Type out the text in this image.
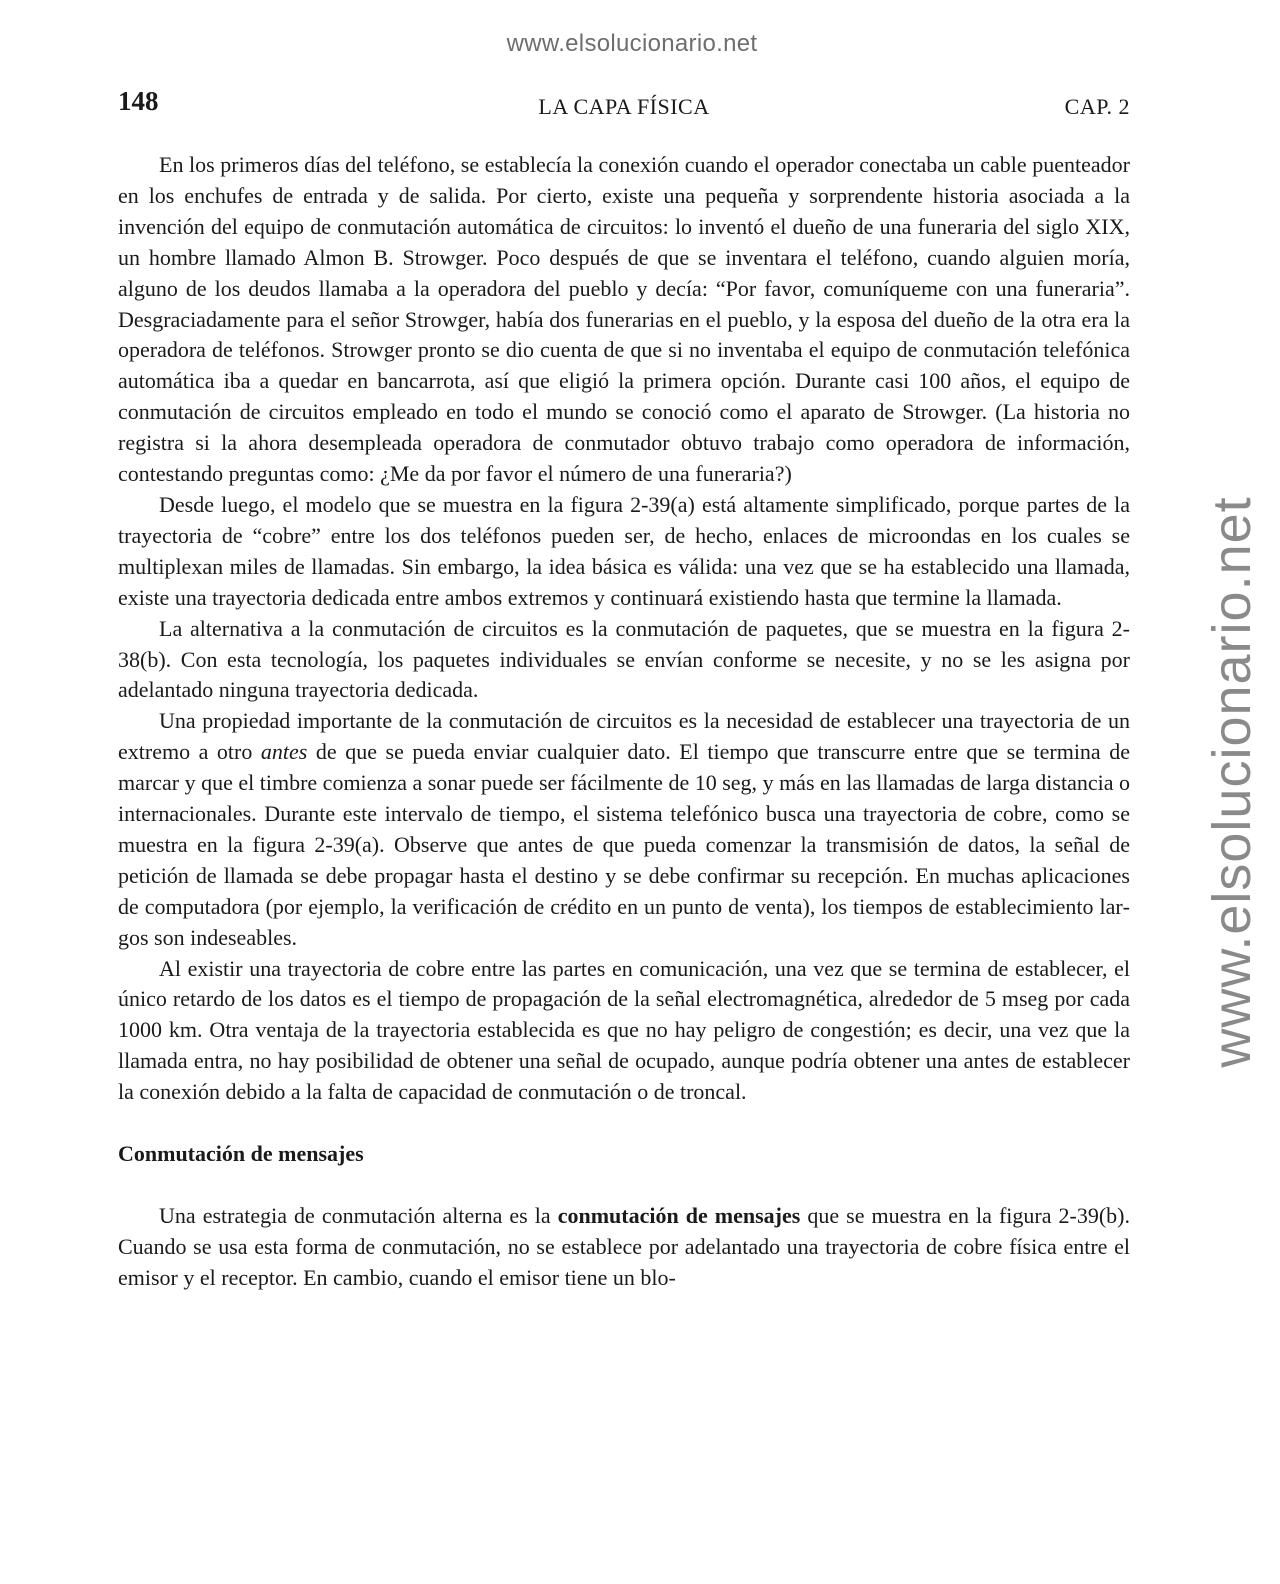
www.elsolucionario.net
www.elsolucionario.net
148	LA CAPA FÍSICA	CAP. 2

En los primeros días del teléfono, se establecía la conexión cuando el operador conectaba un cable puenteador en los enchufes de entrada y de salida. Por cierto, existe una pequeña y sorprendente historia asociada a la invención del equipo de conmutación automática de circuitos: lo inventó el dueño de una funeraria del siglo XIX, un hombre llamado Almon B. Strowger. Poco después de que se inventara el teléfono, cuando alguien moría, alguno de los deudos llamaba a la operadora del pueblo y decía: “Por favor, comuníqueme con una funeraria”. Desgraciadamente para el señor Strowger, había dos funerarias en el pueblo, y la esposa del dueño de la otra era la operadora de teléfonos. Strowger pronto se dio cuenta de que si no inventaba el equipo de conmutación telefónica automática iba a quedar en bancarrota, así que eligió la primera opción. Durante casi 100 años, el equipo de conmutación de circuitos empleado en todo el mundo se conoció como el aparato de Strowger. (La historia no registra si la ahora desempleada operadora de conmutador obtuvo trabajo como operadora de información, contestando preguntas como: ¿Me da por favor el número de una funeraria?)

Desde luego, el modelo que se muestra en la figura 2-39(a) está altamente simplificado, porque partes de la trayectoria de “cobre” entre los dos teléfonos pueden ser, de hecho, enlaces de microondas en los cuales se multiplexan miles de llamadas. Sin embargo, la idea básica es válida: una vez que se ha establecido una llamada, existe una trayectoria dedicada entre ambos extremos y continuará existiendo hasta que termine la llamada.

La alternativa a la conmutación de circuitos es la conmutación de paquetes, que se muestra en la figura 2-38(b). Con esta tecnología, los paquetes individuales se envían conforme se necesite, y no se les asigna por adelantado ninguna trayectoria dedicada.

Una propiedad importante de la conmutación de circuitos es la necesidad de establecer una trayectoria de un extremo a otro antes de que se pueda enviar cualquier dato. El tiempo que transcurre entre que se termina de marcar y que el timbre comienza a sonar puede ser fácilmente de 10 seg, y más en las llamadas de larga distancia o internacionales. Durante este intervalo de tiempo, el sistema telefónico busca una trayectoria de cobre, como se muestra en la figura 2-39(a). Observe que antes de que pueda comenzar la transmisión de datos, la señal de petición de llamada se debe propagar hasta el destino y se debe confirmar su recepción. En muchas aplicaciones de computadora (por ejemplo, la verificación de crédito en un punto de venta), los tiempos de establecimiento largos son indeseables.

Al existir una trayectoria de cobre entre las partes en comunicación, una vez que se termina de establecer, el único retardo de los datos es el tiempo de propagación de la señal electromagnética, alrededor de 5 mseg por cada 1000 km. Otra ventaja de la trayectoria establecida es que no hay peligro de congestión; es decir, una vez que la llamada entra, no hay posibilidad de obtener una señal de ocupado, aunque podría obtener una antes de establecer la conexión debido a la falta de capacidad de conmutación o de troncal.

Conmutación de mensajes

Una estrategia de conmutación alterna es la conmutación de mensajes que se muestra en la figura 2-39(b). Cuando se usa esta forma de conmutación, no se establece por adelantado una trayectoria de cobre física entre el emisor y el receptor. En cambio, cuando el emisor tiene un blo-
